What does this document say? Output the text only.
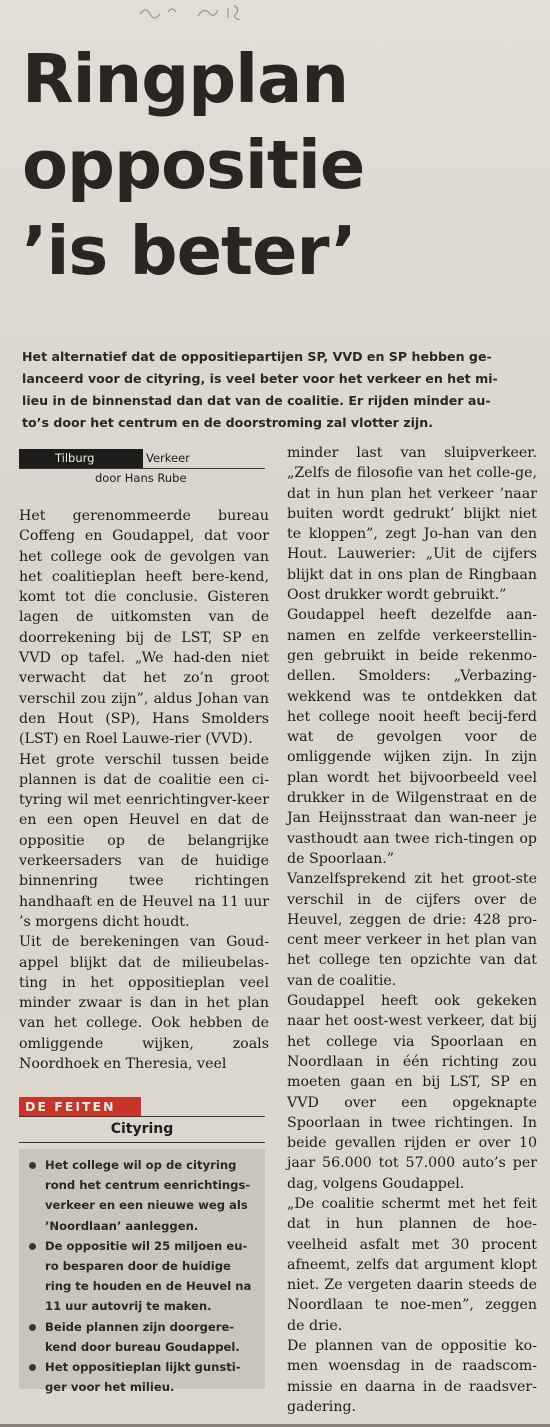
Ringplan
oppositie
’is beter’

Het alternatief dat de oppositiepartijen SP, VVD en SP hebben ge-
lanceerd voor de cityring, is veel beter voor het verkeer en het mi-
lieu in de binnenstad dan dat van de coalitie. Er rijden minder au-
to’s door het centrum en de doorstroming zal vlotter zijn.

Tilburg	Verkeer
door Hans Rube

Het gerenommeerde bureau Coffeng en Goudappel, dat voor het college ook de gevolgen van het coalitieplan heeft bere-kend, komt tot die conclusie. Gisteren lagen de uitkomsten van de doorrekening bij de LST, SP en VVD op tafel. „We had-den niet verwacht dat het zo’n groot verschil zou zijn”, aldus Johan van den Hout (SP), Hans Smolders (LST) en Roel Lauwe-rier (VVD).

Het grote verschil tussen beide plannen is dat de coalitie een ci-tyring wil met eenrichtingver-keer en een open Heuvel en dat de oppositie op de belangrijke verkeersaders van de huidige binnenring twee richtingen handhaaft en de Heuvel na 11 uur ’s morgens dicht houdt.

Uit de berekeningen van Goud-appel blijkt dat de milieubelas-ting in het oppositieplan veel minder zwaar is dan in het plan van het college. Ook hebben de omliggende wijken, zoals Noordhoek en Theresia, veel

DE FEITEN
Cityring
Het college wil op de cityring rond het centrum eenrichtings-verkeer en een nieuwe weg als ’Noordlaan’ aanleggen.
De oppositie wil 25 miljoen eu-ro besparen door de huidige ring te houden en de Heuvel na 11 uur autovrij te maken.
Beide plannen zijn doorgere-kend door bureau Goudappel.
Het oppositieplan lijkt gunsti-ger voor het milieu.

minder last van sluipverkeer. „Zelfs de filosofie van het colle-ge, dat in hun plan het verkeer ’naar buiten wordt gedrukt’ blijkt niet te kloppen”, zegt Jo-han van den Hout. Lauwerier: „Uit de cijfers blijkt dat in ons plan de Ringbaan Oost drukker wordt gebruikt.”

Goudappel heeft dezelfde aan-namen en zelfde verkeerstellin-gen gebruikt in beide rekenmo-dellen. Smolders: „Verbazing-wekkend was te ontdekken dat het college nooit heeft becij-ferd wat de gevolgen voor de omliggende wijken zijn. In zijn plan wordt het bijvoorbeeld veel drukker in de Wilgenstraat en de Jan Heijnsstraat dan wan-neer je vasthoudt aan twee rich-tingen op de Spoorlaan.”

Vanzelfsprekend zit het groot-ste verschil in de cijfers over de Heuvel, zeggen de drie: 428 pro-cent meer verkeer in het plan van het college ten opzichte van dat van de coalitie.

Goudappel heeft ook gekeken naar het oost-west verkeer, dat bij het college via Spoorlaan en Noordlaan in één richting zou moeten gaan en bij LST, SP en VVD over een opgeknapte Spoorlaan in twee richtingen. In beide gevallen rijden er over 10 jaar 56.000 tot 57.000 auto’s per dag, volgens Goudappel.

„De coalitie schermt met het feit dat in hun plannen de hoe-veelheid asfalt met 30 procent afneemt, zelfs dat argument klopt niet. Ze vergeten daarin steeds de Noordlaan te noe-men”, zeggen de drie.

De plannen van de oppositie ko-men woensdag in de raadscom-missie en daarna in de raadsver-gadering.
